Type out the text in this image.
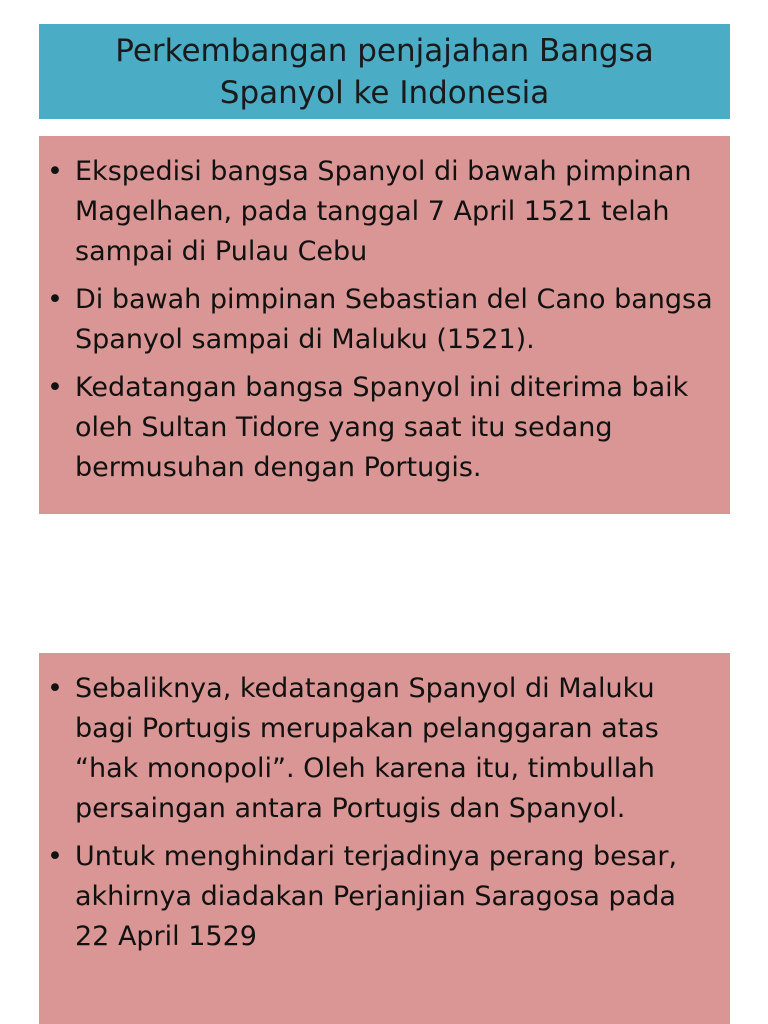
Perkembangan penjajahan Bangsa
Spanyol ke Indonesia
• Ekspedisi bangsa Spanyol di bawah pimpinan
Magelhaen, pada tanggal 7 April 1521 telah
sampai di Pulau Cebu
• Di bawah pimpinan Sebastian del Cano bangsa
Spanyol sampai di Maluku (1521).
• Kedatangan bangsa Spanyol ini diterima baik
oleh Sultan Tidore yang saat itu sedang
bermusuhan dengan Portugis.
• Sebaliknya, kedatangan Spanyol di Maluku
bagi Portugis merupakan pelanggaran atas
“hak monopoli”. Oleh karena itu, timbullah
persaingan antara Portugis dan Spanyol.
• Untuk menghindari terjadinya perang besar,
akhirnya diadakan Perjanjian Saragosa pada
22 April 1529
